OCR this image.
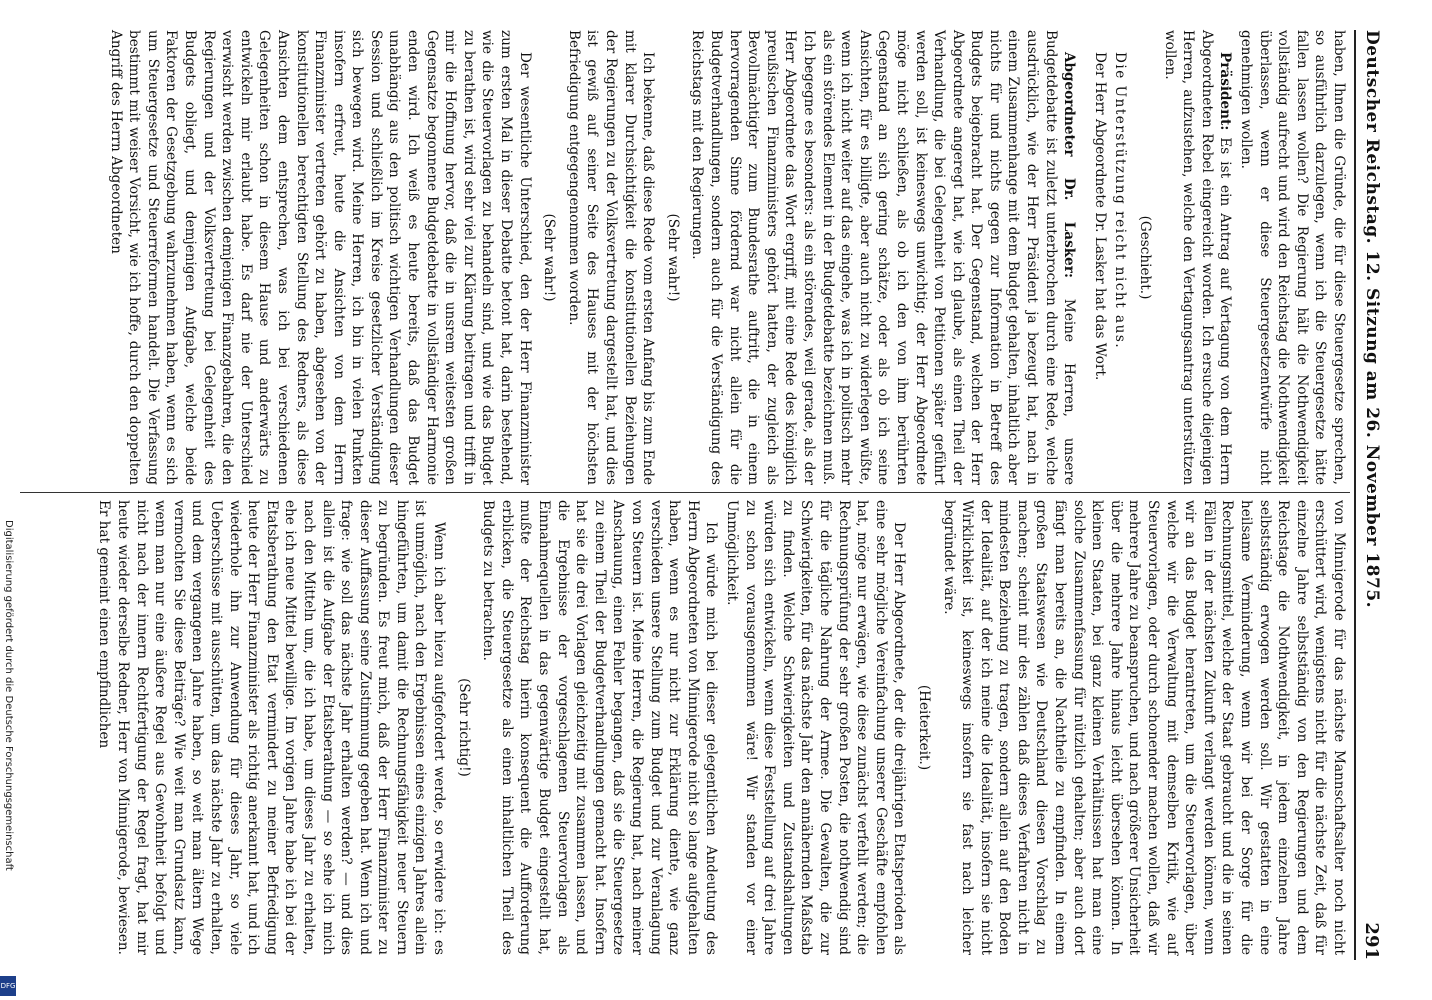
Deutscher Reichstag. 12. Sitzung am 26. November 1875.
291

haben, Ihnen die Gründe, die für diese Steuergesetze sprechen, so ausführlich darzulegen, wenn ich die Steuergesetze hätte fallen lassen wollen? Die Regierung hält die Nothwendigkeit vollständig aufrecht und wird den Reichstag die Nothwendigkeit überlassen, wenn er diese Steuergesetzentwürfe nicht genehmigen wollen.

Präsident: Es ist ein Antrag auf Vertagung von dem Herrn Abgeordneten Rebel eingereicht worden. Ich ersuche diejenigen Herren, aufzustehen, welche den Vertagungsantrag unterstützen wollen.

(Geschieht.)

Die Unterstützung reicht nicht aus.

Der Herr Abgeordnete Dr. Lasker hat das Wort.

Abgeordneter Dr. Lasker: Meine Herren, unsere Budgetdebatte ist zuletzt unterbrochen durch eine Rede, welche ausdrücklich, wie der Herr Präsident ja bezeugt hat, nach in einem Zusammenhange mit dem Budget gehalten, inhaltlich aber nichts für und nichts gegen zur Information in Betreff des Budgets beigebracht hat. Der Gegenstand, welchen der Herr Abgeordnete angeregt hat, wie ich glaube, als einen Theil der Verhandlung, die bei Gelegenheit von Petitionen später geführt werden soll, ist keineswegs unwichtig; der Herr Abgeordnete möge nicht schließen, als ob ich den von ihm berührten Gegenstand an sich gering schätze, oder als ob ich seine Ansichten, für es billigte, aber auch nicht zu widerlegen wüßte, wenn ich nicht weiter auf das eingehe, was ich in politisch mehr als ein störendes Element in der Budgetdebatte bezeichnen muß. Ich begegne es besonders: als ein störendes, weil gerade, als der Herr Abgeordnete das Wort ergriff, mit eine Rede des königlich preußischen Finanzministers gehört hatten, der zugleich als Bevollmächtigter zum Bundesrathe auftritt, die in einem hervorragenden Sinne fördernd war nicht allein für die Budgetverhandlungen, sondern auch für die Verständigung des Reichstags mit den Regierungen.

(Sehr wahr!)

Ich bekenne, daß diese Rede vom ersten Anfang bis zum Ende mit klarer Durchsichtigkeit die konstitutionellen Beziehungen der Regierungen zu der Volksvertretung dargestellt hat, und dies ist gewiß auf seiner Seite des Hauses mit der höchsten Befriedigung entgegengenommen worden.

(Sehr wahr!)

Der wesentliche Unterschied, den der Herr Finanzminister zum ersten Mal in dieser Debatte betont hat, darin bestehend, wie die Steuervorlagen zu behandeln sind, und wie das Budget zu berathen ist, wird sehr viel zur Klärung beitragen und trifft in mir die Hoffnung hervor, daß die in unsrem weitesten großen Gegensatze begonnene Budgetdebatte in vollständiger Harmonie enden wird. Ich weiß es heute bereits, daß das Budget unabhängig aus den politisch wichtigen Verhandlungen dieser Session und schließlich im Kreise gesetzlicher Verständigung sich bewegen wird. Meine Herren, ich bin in vielen Punkten insofern erfreut, heute die Ansichten von dem Herrn Finanzminister vertreten gehört zu haben, abgesehen von der konstitutionellen berechtigten Stellung des Redners, als diese Ansichten dem entsprechen, was ich bei verschiedenen Gelegenheiten schon in diesem Hause und anderwärts zu entwickeln mir erlaubt habe. Es darf nie der Unterschied verwischt werden zwischen demjenigen Finanzgebahren, die den Regierungen und der Volksvertretung bei Gelegenheit des Budgets obliegt, und demjenigen Aufgabe, welche beide Faktoren der Gesetzgebung wahrzunehmen haben, wenn es sich um Steuergesetze und Steuerreformen handelt. Die Verfassung bestimmt mit weiser Vorsicht, wie ich hoffe, durch den doppelten Angriff des Herrn Abgeordneten

von Minnigerode für das nächste Mannschaftsalter noch nicht erschüttert wird, wenigstens nicht für die nächste Zeit, daß für einzelne Jahre selbstständig von den Regierungen und dem Reichstage die Nothwendigkeit, in jedem einzelnen Jahre selbstständig erwogen werden soll. Wir gestatten in eine heilsame Verminderung, wenn wir bei der Sorge für die Rechnungsmittel, welche der Staat gebraucht und die in seinen Fällen in der nächsten Zukunft verlangt werden können, wenn wir an das Budget herantreten, um die Steuervorlagen, über welche wir die Verwaltung mit demselben Kritik, wie auf Steuervorlagen, oder durch schonender machen wollen, daß wir mehrere Jahre zu beanspruchen, und nach größerer Unsicherheit über die mehrere Jahre hinaus leicht übersehen können. In kleinen Staaten, bei ganz kleinen Verhältnissen hat man eine solche Zusammenfassung für nützlich gehalten; aber auch dort fängt man bereits an, die Nachtheile zu empfinden. In einem großen Staatswesen wie Deutschland diesen Vorschlag zu machen; scheint mir des zählen daß dieses Verfahren nicht in mindesten Beziehung zu tragen, sondern allein auf den Boden der Idealität, auf der ich meine die Idealität, insofern sie nicht Wirklichkeit ist, keineswegs insofern sie fast nach leicher begründet wäre.

(Heiterkeit.)

Der Herr Abgeordnete, der die dreijährigen Etatsperioden als eine sehr mögliche Vereinfachung unserer Geschäfte empfohlen hat, möge nur erwägen, wie diese zunächst verfehlt werden; die Rechnungsprüfung der sehr großen Posten, die nothwendig sind für die tägliche Nahrung der Armee. Die Gewalten, die zur Schwierigkeiten, für das nächste Jahr den annähernden Maßstab zu finden. Welche Schwierigkeiten und Zustandshaltungen würden sich entwickeln, wenn diese Feststellung auf drei Jahre zu schon vorausgenommen wäre! Wir standen vor einer Unmöglichkeit.

Ich würde mich bei dieser gelegentlichen Andeutung des Herrn Abgeordneten von Minnigerode nicht so lange aufgehalten haben, wenn es nur nicht zur Erklärung diente, wie ganz verschieden unsere Stellung zum Budget und zur Veranlagung von Steuern ist. Meine Herren, die Regierung hat, nach meiner Anschauung, einen Fehler begangen, daß sie die Steuergesetze zu einem Theil der Budgetverhandlungen gemacht hat. Insofern hat sie die drei Vorlagen gleichzeitig mit zusammen lassen, und die Ergebnisse der vorgeschlagenen Steuervorlagen als Einnahmequellen in das gegenwärtige Budget eingestellt hat, mußte der Reichstag hierin konsequent die Aufforderung erblicken, die Steuergesetze als einen inhaltlichen Theil des Budgets zu betrachten.

(Sehr richtig!)

Wenn ich aber hiezu aufgefordert werde, so erwidere ich: es ist unmöglich, nach den Ergebnissen eines einzigen Jahres allein hingeführten, um damit die Rechnungsfähigkeit neuer Steuern zu begründen. Es freut mich, daß der Herr Finanzminister zu dieser Auffassung seine Zustimmung gegeben hat. Wenn ich und frage: wie soll das nächste Jahr erhalten werden? — und dies allein ist die Aufgabe der Etatsberathung — so sehe ich mich nach den Mitteln um, die ich habe, um dieses Jahr zu erhalten, ehe ich neue Mittel bewillige. Im vorigen Jahre habe ich bei der Etatsberathung den Etat vermindert zu meiner Befriedigung heute der Herr Finanzminister als richtig anerkannt hat, und ich wiederhole ihn zur Anwendung für dieses Jahr, so viele Ueberschüsse mit ausschütten, um das nächste Jahr zu erhalten, und dem vergangenen Jahre haben, so weit man ältern Wege vermochten Sie diese Beiträge? Wie weit man Grundsatz kann, wenn man nur eine äußere Regel aus Gewohnheit befolgt und nicht nach der innern Rechtfertigung der Regel fragt, hat mir heute wieder derselbe Redner, Herr von Minnigerode, bewiesen. Er hat gemeint einen empfindlichen

Digitalisierung gefördert durch die Deutsche Forschungsgemeinschaft
DFG
